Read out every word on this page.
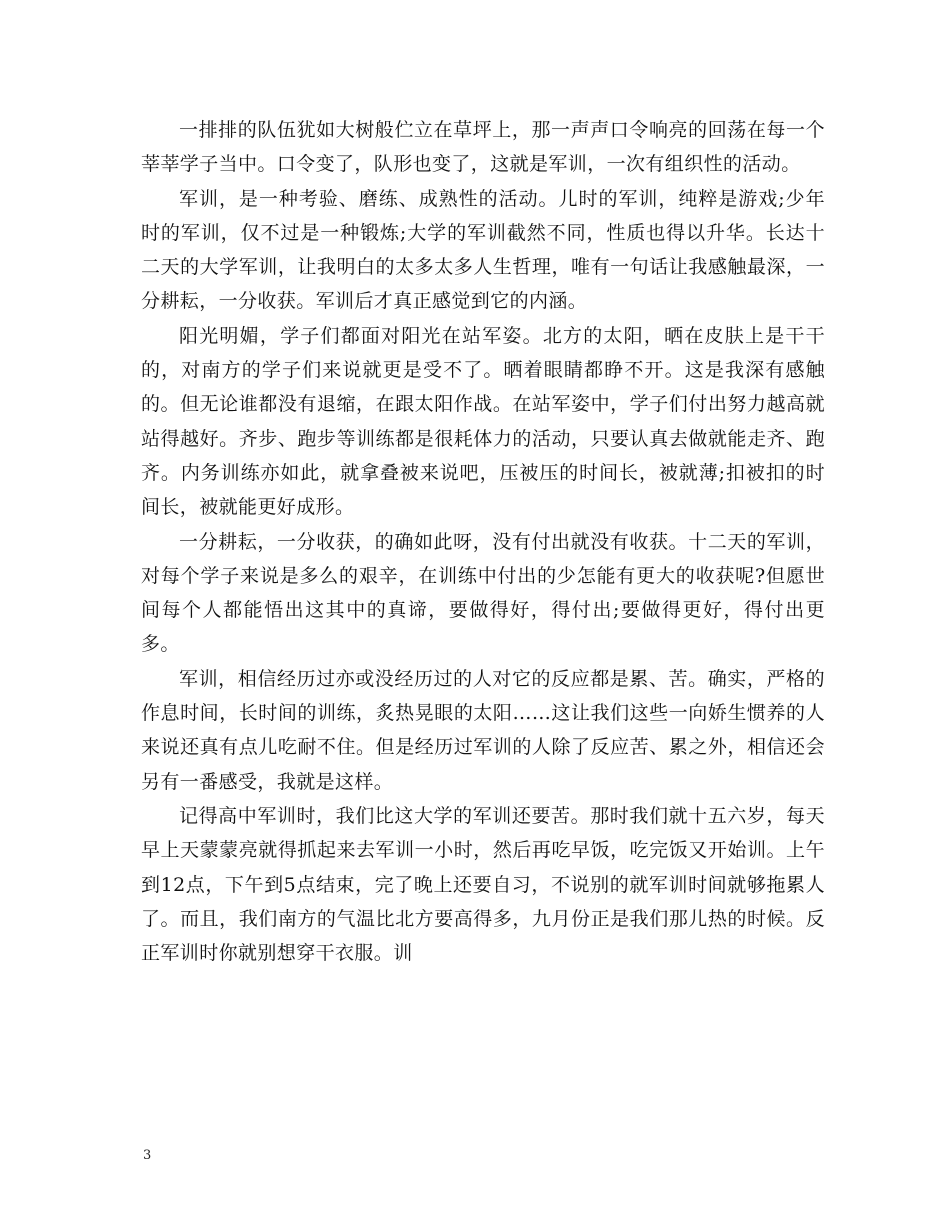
一排排的队伍犹如大树般伫立在草坪上，那一声声口令响亮的回荡在每一个莘莘学子当中。口令变了，队形也变了，这就是军训，一次有组织性的活动。

军训，是一种考验、磨练、成熟性的活动。儿时的军训，纯粹是游戏;少年时的军训，仅不过是一种锻炼;大学的军训截然不同，性质也得以升华。长达十二天的大学军训，让我明白的太多太多人生哲理，唯有一句话让我感触最深，一分耕耘，一分收获。军训后才真正感觉到它的内涵。

阳光明媚，学子们都面对阳光在站军姿。北方的太阳，晒在皮肤上是干干的，对南方的学子们来说就更是受不了。晒着眼睛都睁不开。这是我深有感触的。但无论谁都没有退缩，在跟太阳作战。在站军姿中，学子们付出努力越高就站得越好。齐步、跑步等训练都是很耗体力的活动，只要认真去做就能走齐、跑齐。内务训练亦如此，就拿叠被来说吧，压被压的时间长，被就薄;扣被扣的时间长，被就能更好成形。

一分耕耘，一分收获，的确如此呀，没有付出就没有收获。十二天的军训，对每个学子来说是多么的艰辛，在训练中付出的少怎能有更大的收获呢?但愿世间每个人都能悟出这其中的真谛，要做得好，得付出;要做得更好，得付出更多。

军训，相信经历过亦或没经历过的人对它的反应都是累、苦。确实，严格的作息时间，长时间的训练，炙热晃眼的太阳……这让我们这些一向娇生惯养的人来说还真有点儿吃耐不住。但是经历过军训的人除了反应苦、累之外，相信还会另有一番感受，我就是这样。

记得高中军训时，我们比这大学的军训还要苦。那时我们就十五六岁，每天早上天蒙蒙亮就得抓起来去军训一小时，然后再吃早饭，吃完饭又开始训。上午到12点，下午到5点结束，完了晚上还要自习，不说别的就军训时间就够拖累人了。而且，我们南方的气温比北方要高得多，九月份正是我们那儿热的时候。反正军训时你就别想穿干衣服。训

3
